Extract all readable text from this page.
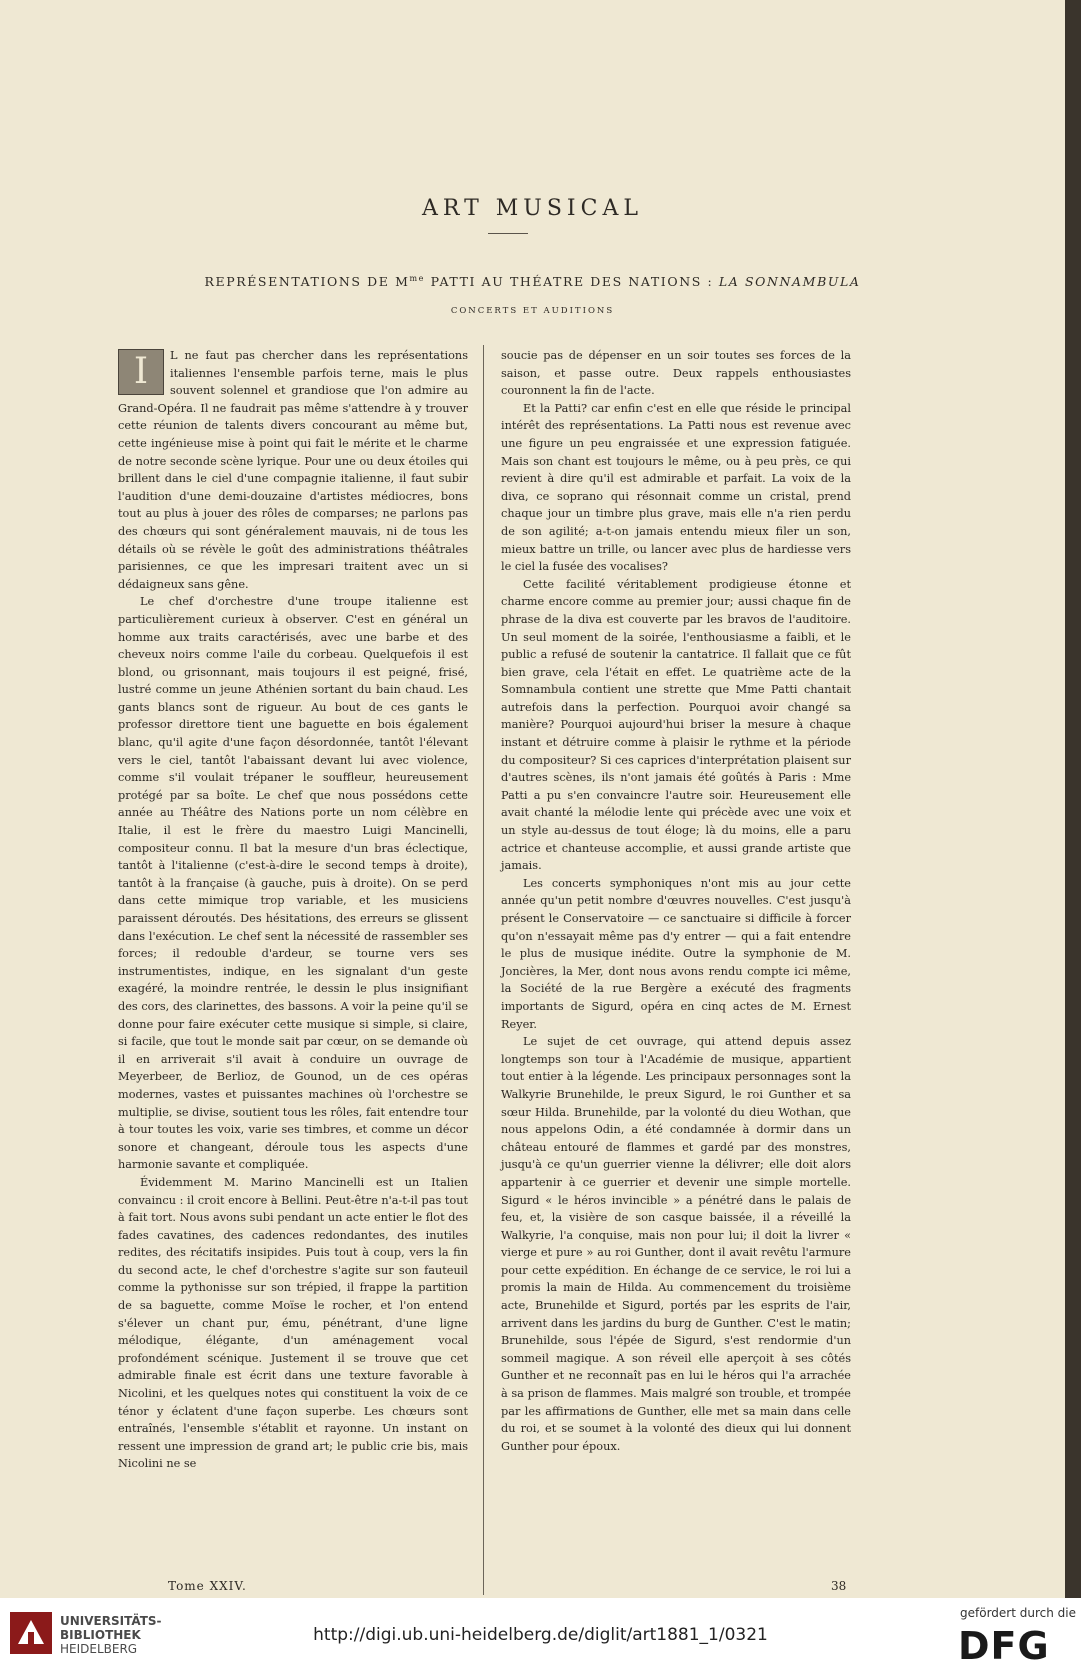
ART MUSICAL
REPRÉSENTATIONS DE $M^{me}$ PATTI AU THÉATRE DES NATIONS : LA SONNAMBULA
CONCERTS ET AUDITIONS

I	L ne faut pas chercher dans les représentations italiennes l'ensemble parfois terne, mais le plus souvent solennel et grandiose que l'on admire au Grand-Opéra. Il ne faudrait pas même s'attendre à y trouver cette réunion de talents divers concourant au même but, cette ingénieuse mise à point qui fait le mérite et le charme de notre seconde scène lyrique. Pour une ou deux étoiles qui brillent dans le ciel d'une compagnie italienne, il faut subir l'audition d'une demi-douzaine d'artistes médiocres, bons tout au plus à jouer des rôles de comparses; ne parlons pas des chœurs qui sont généralement mauvais, ni de tous les détails où se révèle le goût des administrations théâtrales parisiennes, ce que les impresari traitent avec un si dédaigneux sans gêne.

Le chef d'orchestre d'une troupe italienne est particulièrement curieux à observer. C'est en général un homme aux traits caractérisés, avec une barbe et des cheveux noirs comme l'aile du corbeau. Quelquefois il est blond, ou grisonnant, mais toujours il est peigné, frisé, lustré comme un jeune Athénien sortant du bain chaud. Les gants blancs sont de rigueur. Au bout de ces gants le professor direttore tient une baguette en bois également blanc, qu'il agite d'une façon désordonnée, tantôt l'élevant vers le ciel, tantôt l'abaissant devant lui avec violence, comme s'il voulait trépaner le souffleur, heureusement protégé par sa boîte. Le chef que nous possédons cette année au Théâtre des Nations porte un nom célèbre en Italie, il est le frère du maestro Luigi Mancinelli, compositeur connu. Il bat la mesure d'un bras éclectique, tantôt à l'italienne (c'est-à-dire le second temps à droite), tantôt à la française (à gauche, puis à droite). On se perd dans cette mimique trop variable, et les musiciens paraissent déroutés. Des hésitations, des erreurs se glissent dans l'exécution. Le chef sent la nécessité de rassembler ses forces; il redouble d'ardeur, se tourne vers ses instrumentistes, indique, en les signalant d'un geste exagéré, la moindre rentrée, le dessin le plus insignifiant des cors, des clarinettes, des bassons. A voir la peine qu'il se donne pour faire exécuter cette musique si simple, si claire, si facile, que tout le monde sait par cœur, on se demande où il en arriverait s'il avait à conduire un ouvrage de Meyerbeer, de Berlioz, de Gounod, un de ces opéras modernes, vastes et puissantes machines où l'orchestre se multiplie, se divise, soutient tous les rôles, fait entendre tour à tour toutes les voix, varie ses timbres, et comme un décor sonore et changeant, déroule tous les aspects d'une harmonie savante et compliquée.

Évidemment M. Marino Mancinelli est un Italien convaincu : il croit encore à Bellini. Peut-être n'a-t-il pas tout à fait tort. Nous avons subi pendant un acte entier le flot des fades cavatines, des cadences redondantes, des inutiles redites, des récitatifs insipides. Puis tout à coup, vers la fin du second acte, le chef d'orchestre s'agite sur son fauteuil comme la pythonisse sur son trépied, il frappe la partition de sa baguette, comme Moïse le rocher, et l'on entend s'élever un chant pur, ému, pénétrant, d'une ligne mélodique, élégante, d'un aménagement vocal profondément scénique. Justement il se trouve que cet admirable finale est écrit dans une texture favorable à Nicolini, et les quelques notes qui constituent la voix de ce ténor y éclatent d'une façon superbe. Les chœurs sont entraînés, l'ensemble s'établit et rayonne. Un instant on ressent une impression de grand art; le public crie bis, mais Nicolini ne se

soucie pas de dépenser en un soir toutes ses forces de la saison, et passe outre. Deux rappels enthousiastes couronnent la fin de l'acte.

Et la Patti? car enfin c'est en elle que réside le principal intérêt des représentations. La Patti nous est revenue avec une figure un peu engraissée et une expression fatiguée. Mais son chant est toujours le même, ou à peu près, ce qui revient à dire qu'il est admirable et parfait. La voix de la diva, ce soprano qui résonnait comme un cristal, prend chaque jour un timbre plus grave, mais elle n'a rien perdu de son agilité; a-t-on jamais entendu mieux filer un son, mieux battre un trille, ou lancer avec plus de hardiesse vers le ciel la fusée des vocalises?

Cette facilité véritablement prodigieuse étonne et charme encore comme au premier jour; aussi chaque fin de phrase de la diva est couverte par les bravos de l'auditoire. Un seul moment de la soirée, l'enthousiasme a faibli, et le public a refusé de soutenir la cantatrice. Il fallait que ce fût bien grave, cela l'était en effet. Le quatrième acte de la Somnambula contient une strette que Mme Patti chantait autrefois dans la perfection. Pourquoi avoir changé sa manière? Pourquoi aujourd'hui briser la mesure à chaque instant et détruire comme à plaisir le rythme et la période du compositeur? Si ces caprices d'interprétation plaisent sur d'autres scènes, ils n'ont jamais été goûtés à Paris : Mme Patti a pu s'en convaincre l'autre soir. Heureusement elle avait chanté la mélodie lente qui précède avec une voix et un style au-dessus de tout éloge; là du moins, elle a paru actrice et chanteuse accomplie, et aussi grande artiste que jamais.

Les concerts symphoniques n'ont mis au jour cette année qu'un petit nombre d'œuvres nouvelles. C'est jusqu'à présent le Conservatoire — ce sanctuaire si difficile à forcer qu'on n'essayait même pas d'y entrer — qui a fait entendre le plus de musique inédite. Outre la symphonie de M. Joncières, la Mer, dont nous avons rendu compte ici même, la Société de la rue Bergère a exécuté des fragments importants de Sigurd, opéra en cinq actes de M. Ernest Reyer.

Le sujet de cet ouvrage, qui attend depuis assez longtemps son tour à l'Académie de musique, appartient tout entier à la légende. Les principaux personnages sont la Walkyrie Brunehilde, le preux Sigurd, le roi Gunther et sa sœur Hilda. Brunehilde, par la volonté du dieu Wothan, que nous appelons Odin, a été condamnée à dormir dans un château entouré de flammes et gardé par des monstres, jusqu'à ce qu'un guerrier vienne la délivrer; elle doit alors appartenir à ce guerrier et devenir une simple mortelle. Sigurd « le héros invincible » a pénétré dans le palais de feu, et, la visière de son casque baissée, il a réveillé la Walkyrie, l'a conquise, mais non pour lui; il doit la livrer « vierge et pure » au roi Gunther, dont il avait revêtu l'armure pour cette expédition. En échange de ce service, le roi lui a promis la main de Hilda. Au commencement du troisième acte, Brunehilde et Sigurd, portés par les esprits de l'air, arrivent dans les jardins du burg de Gunther. C'est le matin; Brunehilde, sous l'épée de Sigurd, s'est rendormie d'un sommeil magique. A son réveil elle aperçoit à ses côtés Gunther et ne reconnaît pas en lui le héros qui l'a arrachée à sa prison de flammes. Mais malgré son trouble, et trompée par les affirmations de Gunther, elle met sa main dans celle du roi, et se soumet à la volonté des dieux qui lui donnent Gunther pour époux.

Tome XXIV.	38
UNIVERSITÄTS-
BIBLIOTHEK
HEIDELBERG
http://digi.ub.uni-heidelberg.de/diglit/art1881_1/0321
gefördert durch die
DFG
